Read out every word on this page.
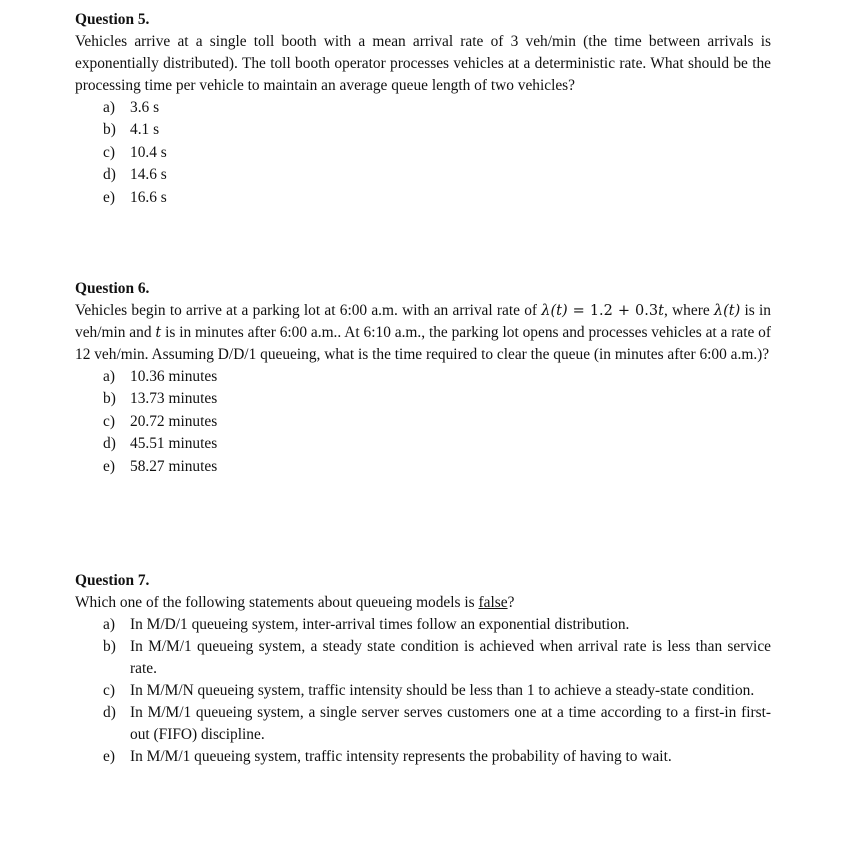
Question 5.

Vehicles arrive at a single toll booth with a mean arrival rate of 3 veh/min (the time between arrivals is exponentially distributed). The toll booth operator processes vehicles at a deterministic rate. What should be the processing time per vehicle to maintain an average queue length of two vehicles?

a) 3.6 s
b) 4.1 s
c) 10.4 s
d) 14.6 s
e) 16.6 s

Question 6.

Vehicles begin to arrive at a parking lot at 6:00 a.m. with an arrival rate of λ(t) = 1.2 + 0.3t, where λ(t) is in veh/min and t is in minutes after 6:00 a.m.. At 6:10 a.m., the parking lot opens and processes vehicles at a rate of 12 veh/min. Assuming D/D/1 queueing, what is the time required to clear the queue (in minutes after 6:00 a.m.)?

a) 10.36 minutes
b) 13.73 minutes
c) 20.72 minutes
d) 45.51 minutes
e) 58.27 minutes

Question 7.

Which one of the following statements about queueing models is false?

a) In M/D/1 queueing system, inter-arrival times follow an exponential distribution.
b) In M/M/1 queueing system, a steady state condition is achieved when arrival rate is less than service rate.
c) In M/M/N queueing system, traffic intensity should be less than 1 to achieve a steady-state condition.
d) In M/M/1 queueing system, a single server serves customers one at a time according to a first-in first-out (FIFO) discipline.
e) In M/M/1 queueing system, traffic intensity represents the probability of having to wait.
